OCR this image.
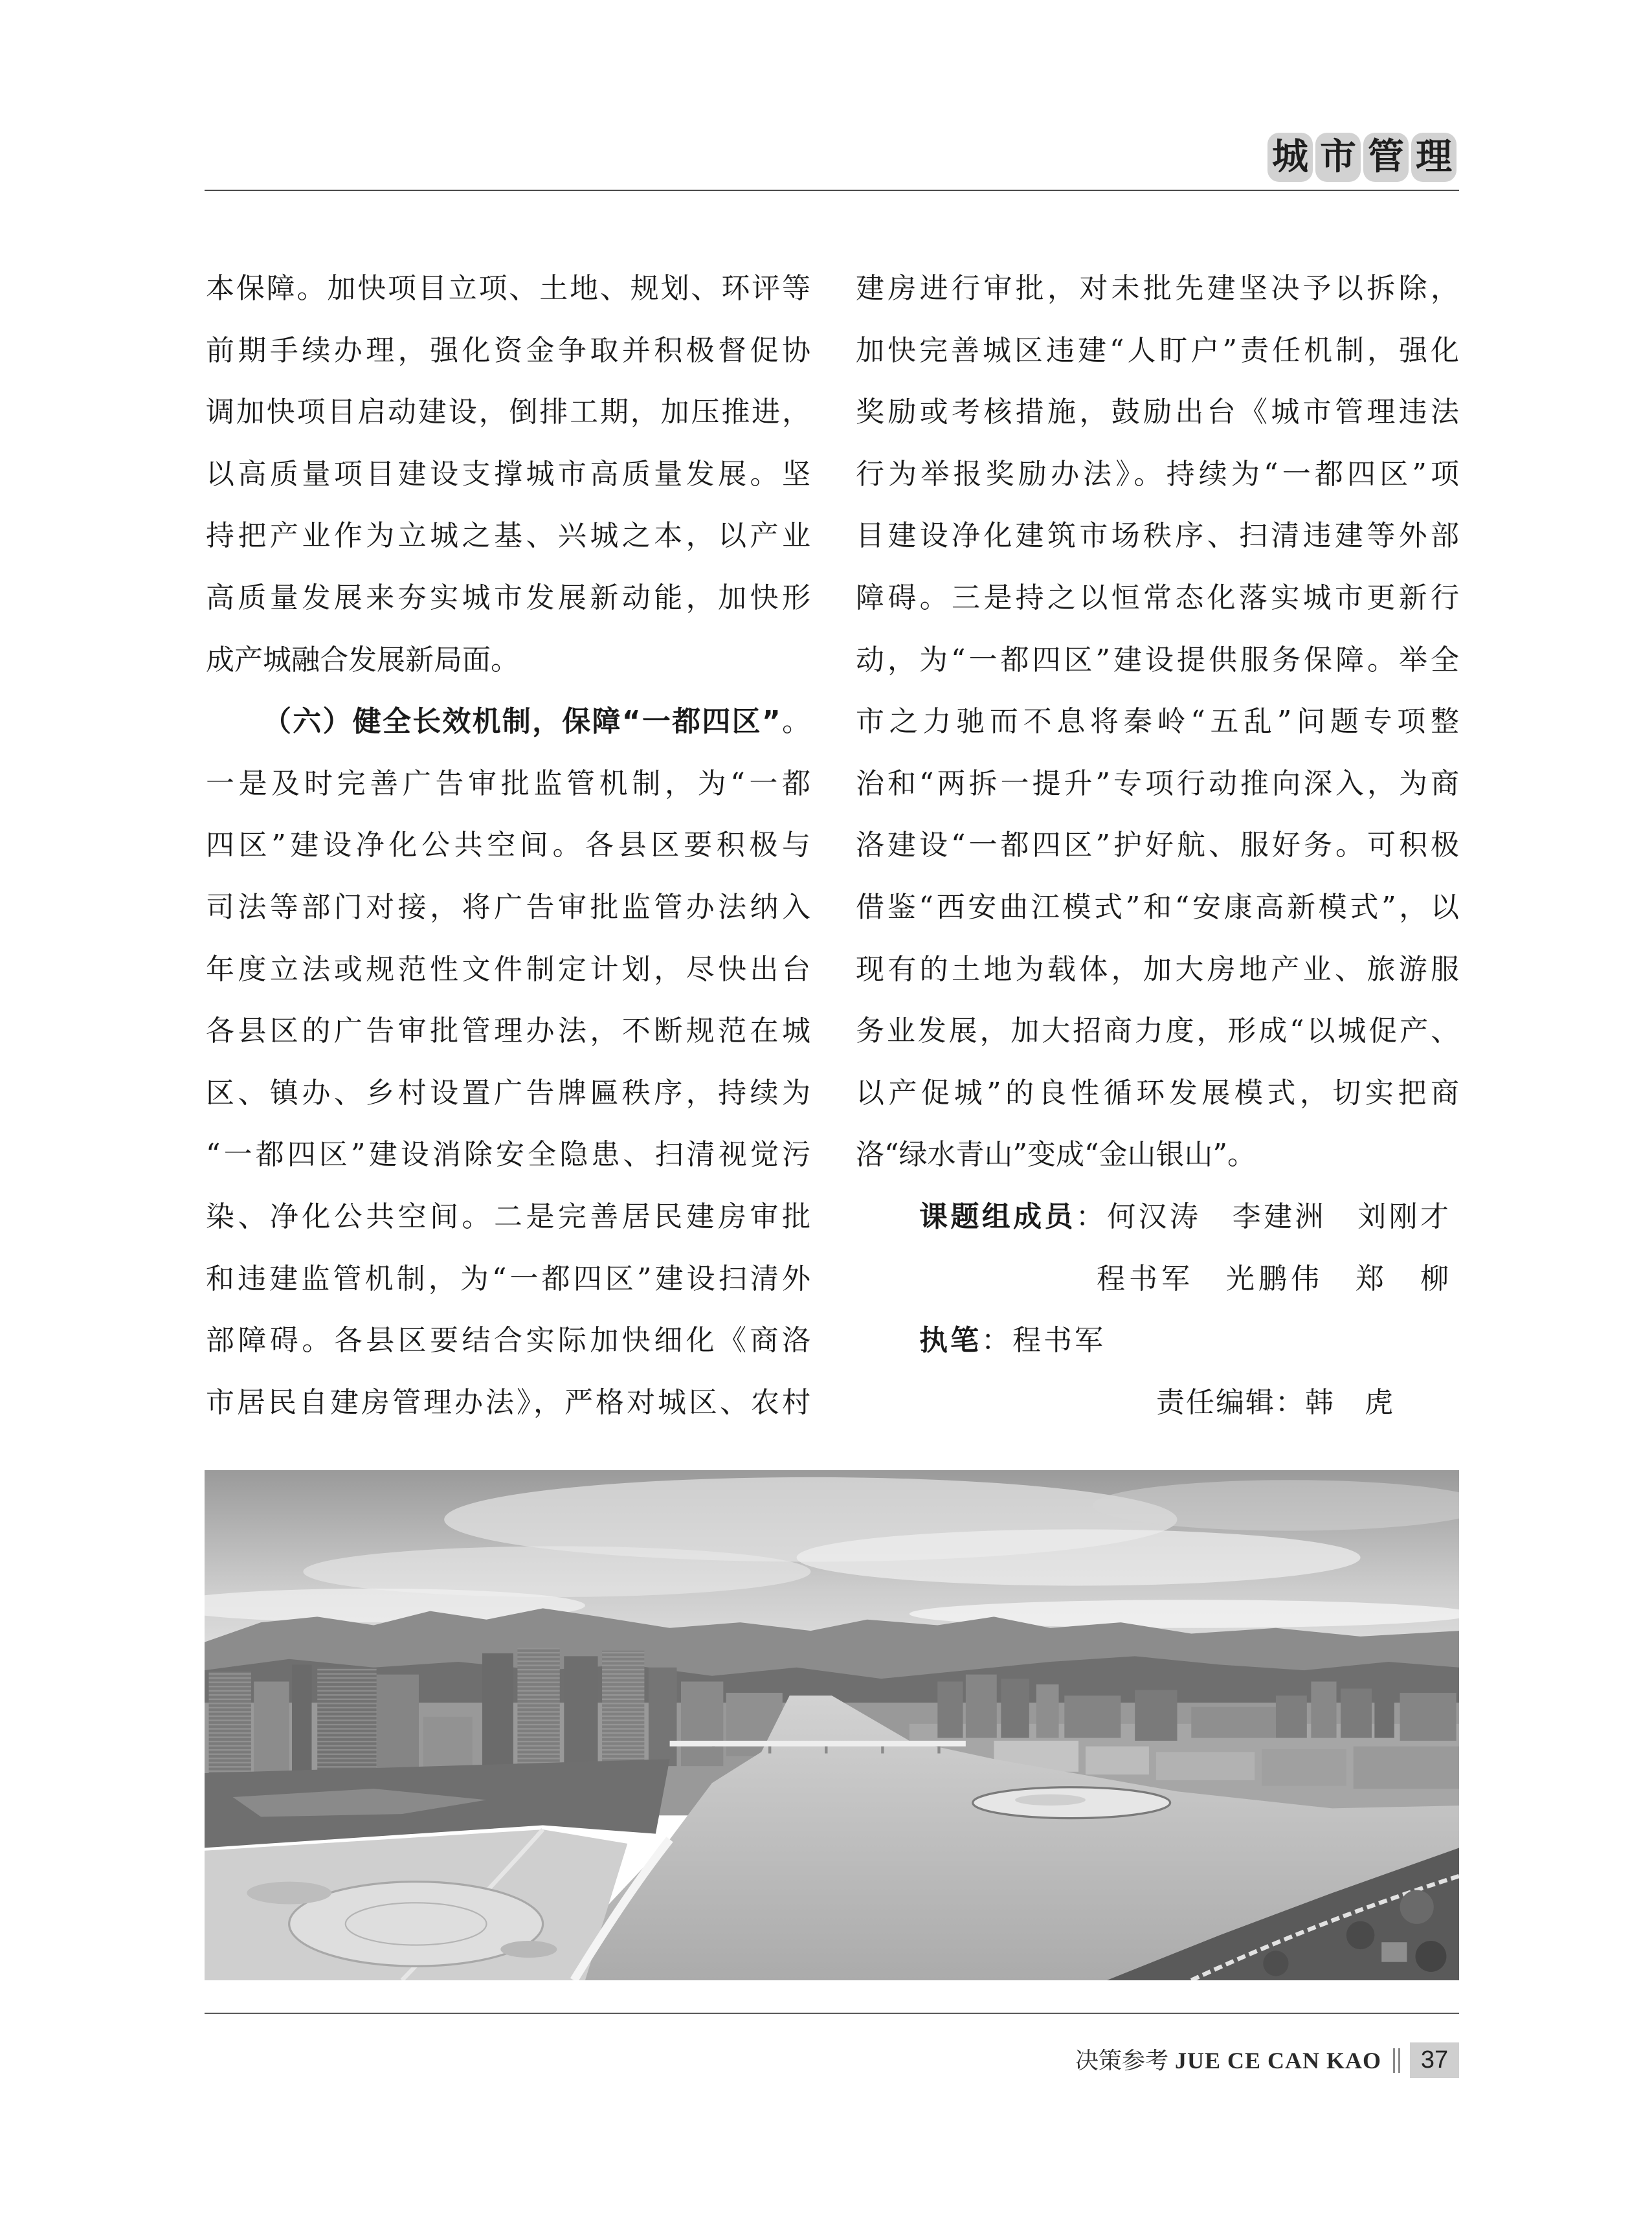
城 市 管 理
本保障。加快项目立项、土地、规划、环评等
前期手续办理，强化资金争取并积极督促协
调加快项目启动建设，倒排工期，加压推进，
以高质量项目建设支撑城市高质量发展。坚
持把产业作为立城之基、兴城之本，以产业
高质量发展来夯实城市发展新动能，加快形
成产城融合发展新局面。
（六）健全长效机制，保障“一都四区”。
一是及时完善广告审批监管机制，为“一都
四区”建设净化公共空间。各县区要积极与
司法等部门对接，将广告审批监管办法纳入
年度立法或规范性文件制定计划，尽快出台
各县区的广告审批管理办法，不断规范在城
区、镇办、乡村设置广告牌匾秩序，持续为
“一都四区”建设消除安全隐患、扫清视觉污
染、净化公共空间。二是完善居民建房审批
和违建监管机制，为“一都四区”建设扫清外
部障碍。各县区要结合实际加快细化《商洛
市居民自建房管理办法》，严格对城区、农村
建房进行审批，对未批先建坚决予以拆除，
加快完善城区违建“人盯户”责任机制，强化
奖励或考核措施，鼓励出台《城市管理违法
行为举报奖励办法》。持续为“一都四区”项
目建设净化建筑市场秩序、扫清违建等外部
障碍。三是持之以恒常态化落实城市更新行
动，为“一都四区”建设提供服务保障。举全
市之力驰而不息将秦岭“五乱”问题专项整
治和“两拆一提升”专项行动推向深入，为商
洛建设“一都四区”护好航、服好务。可积极
借鉴“西安曲江模式”和“安康高新模式”，以
现有的土地为载体，加大房地产业、旅游服
务业发展，加大招商力度，形成“以城促产、
以产促城”的良性循环发展模式，切实把商
洛“绿水青山”变成“金山银山”。
课题组成员：何汉涛　李建洲　刘刚才
程书军　光鹏伟　郑　柳
执笔：程书军
责任编辑：韩　虎
决策参考 JUE CE CAN KAO	37
